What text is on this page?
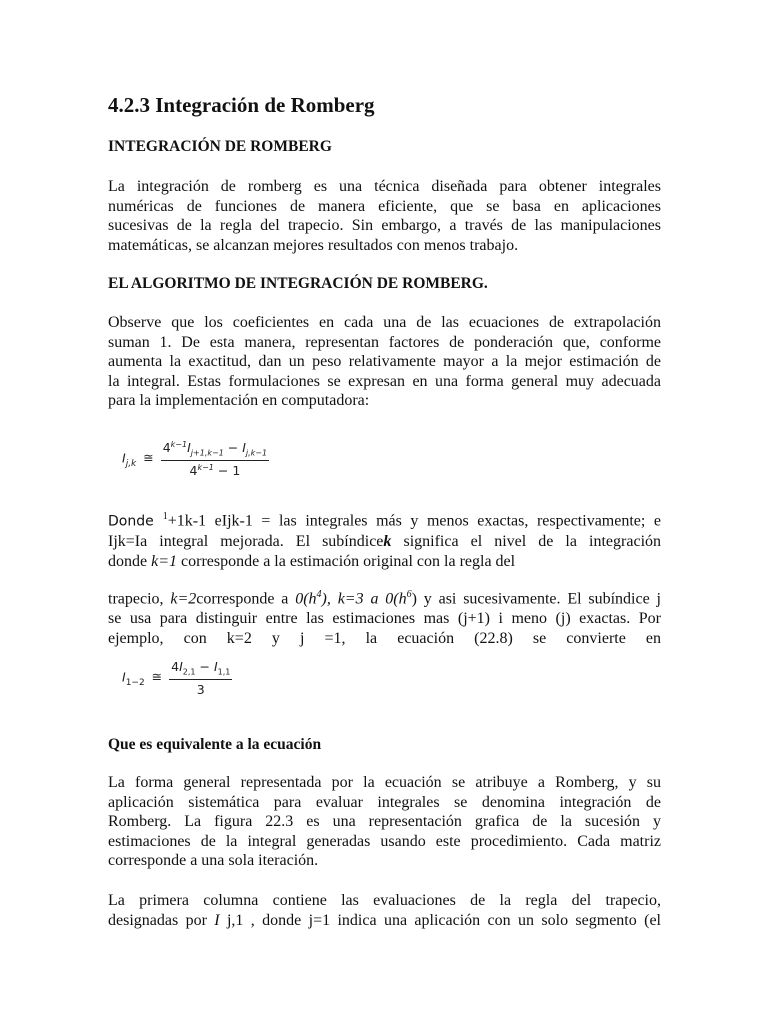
4.2.3 Integración de Romberg
INTEGRACIÓN DE ROMBERG
La integración de romberg es una técnica diseñada para obtener integrales
numéricas de funciones de manera eficiente, que se basa en aplicaciones
sucesivas de la regla del trapecio. Sin embargo, a través de las manipulaciones
matemáticas, se alcanzan mejores resultados con menos trabajo.
EL ALGORITMO DE INTEGRACIÓN DE ROMBERG.
Observe que los coeficientes en cada una de las ecuaciones de extrapolación
suman 1. De esta manera, representan factores de ponderación que, conforme
aumenta la exactitud, dan un peso relativamente mayor a la mejor estimación de
la integral. Estas formulaciones se expresan en una forma general muy adecuada
para la implementación en computadora:
$I_{j,k}$ ≅ $\frac{4^{k-1}I_{j+1,k-1} - I_{j,k-1}}{4^{k-1} - 1}$
Donde $^1$+1k-1 eIjk-1 = las integrales más y menos exactas, respectivamente; e
Ijk=Ia integral mejorada. El subíndicek significa el nivel de la integración
donde k=1 corresponde a la estimación original con la regla del
trapecio, k=2corresponde a $0(h^4)$, k=3 a $0(h^6)$ y asi sucesivamente. El subíndice j
se usa para distinguir entre las estimaciones mas (j+1) i meno (j) exactas. Por
ejemplo, con k=2 y j =1, la ecuación (22.8) se convierte en
$I_{1-2}$ ≅ $\frac{4I_{2,1} - I_{1,1}}{3}$
Que es equivalente a la ecuación
La forma general representada por la ecuación se atribuye a Romberg, y su
aplicación sistemática para evaluar integrales se denomina integración de
Romberg. La figura 22.3 es una representación grafica de la sucesión y
estimaciones de la integral generadas usando este procedimiento. Cada matriz
corresponde a una sola iteración.
La primera columna contiene las evaluaciones de la regla del trapecio,
designadas por I j,1 , donde j=1 indica una aplicación con un solo segmento (el
